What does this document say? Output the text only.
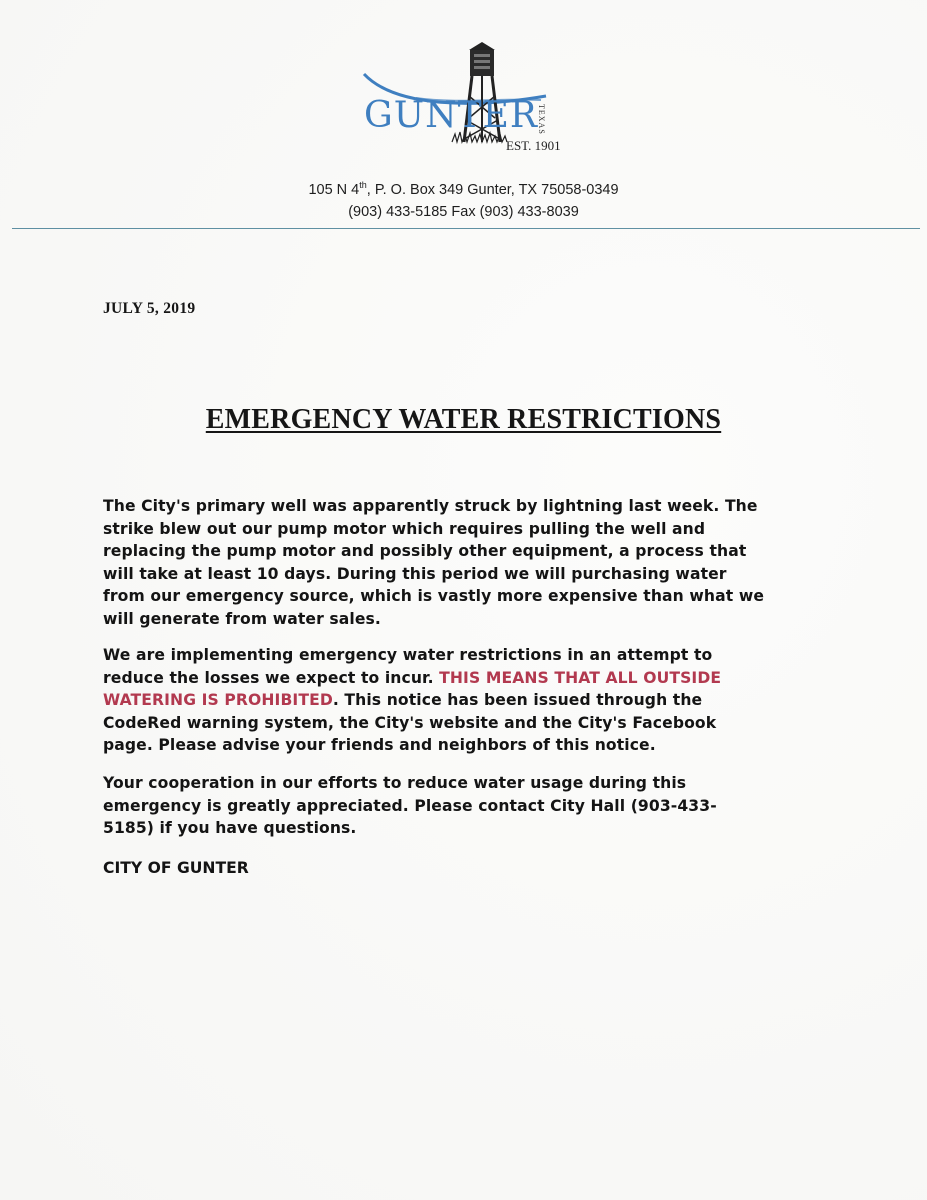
GUNTER TEXAS
EST. 1901
105 N 4th, P. O. Box 349 Gunter, TX 75058-0349
(903) 433-5185 Fax (903) 433-8039
JULY 5, 2019
EMERGENCY WATER RESTRICTIONS

The City's primary well was apparently struck by lightning last week. The
strike blew out our pump motor which requires pulling the well and
replacing the pump motor and possibly other equipment, a process that
will take at least 10 days. During this period we will purchasing water
from our emergency source, which is vastly more expensive than what we
will generate from water sales.

We are implementing emergency water restrictions in an attempt to
reduce the losses we expect to incur. THIS MEANS THAT ALL OUTSIDE
WATERING IS PROHIBITED. This notice has been issued through the
CodeRed warning system, the City's website and the City's Facebook
page. Please advise your friends and neighbors of this notice.

Your cooperation in our efforts to reduce water usage during this
emergency is greatly appreciated. Please contact City Hall (903-433-
5185) if you have questions.

CITY OF GUNTER
